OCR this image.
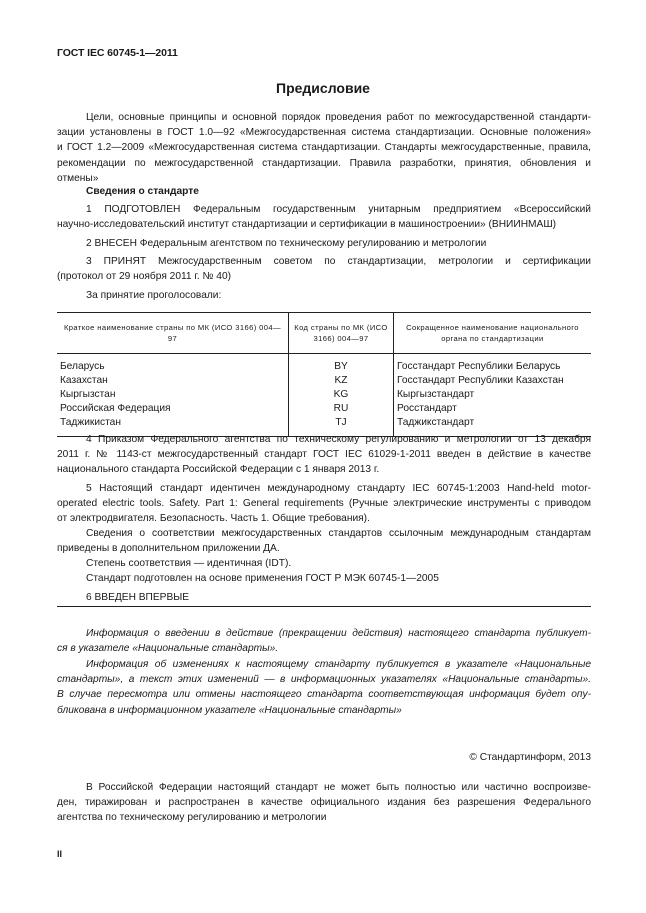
ГОСТ IEC 60745-1—2011
Предисловие
Цели, основные принципы и основной порядок проведения работ по межгосударственной стандарти-
зации установлены в ГОСТ 1.0—92 «Межгосударственная система стандартизации. Основные положения»
и ГОСТ 1.2—2009 «Межгосударственная система стандартизации. Стандарты межгосударственные, правила,
рекомендации по межгосударственной стандартизации. Правила разработки, принятия, обновления и
отмены»
Сведения о стандарте
1 ПОДГОТОВЛЕН Федеральным государственным унитарным предприятием «Всероссийский
научно-исследовательский институт стандартизации и сертификации в машиностроении» (ВНИИНМАШ)
2 ВНЕСЕН Федеральным агентством по техническому регулированию и метрологии
3 ПРИНЯТ Межгосударственным советом по стандартизации, метрологии и сертификации
(протокол от 29 ноября 2011 г. № 40)
За принятие проголосовали:
Краткое наименование страны по МК (ИСО 3166) 004—97	Код страны по МК (ИСО 3166) 004—97	Сокращенное наименование национального органа по стандартизации
Беларусь	BY	Госстандарт Республики Беларусь
Казахстан	KZ	Госстандарт Республики Казахстан
Кыргызстан	KG	Кыргызстандарт
Российская Федерация	RU	Росстандарт
Таджикистан	TJ	Таджикстандарт
4 Приказом Федерального агентства по техническому регулированию и метрологии от 13 декабря
2011 г. № 1143-ст межгосударственный стандарт ГОСТ IEC 61029-1-2011 введен в действие в качестве
национального стандарта Российской Федерации с 1 января 2013 г.
5 Настоящий стандарт идентичен международному стандарту IEC 60745-1:2003 Hand-held motor-
operated electric tools. Safety. Part 1: General requirements (Ручные электрические инструменты с приводом
от электродвигателя. Безопасность. Часть 1. Общие требования).
Сведения о соответствии межгосударственных стандартов ссылочным международным стандартам
приведены в дополнительном приложении ДА.
Степень соответствия — идентичная (IDT).
Стандарт подготовлен на основе применения ГОСТ Р МЭК 60745-1—2005
6 ВВЕДЕН ВПЕРВЫЕ
Информация о введении в действие (прекращении действия) настоящего стандарта публикует-
ся в указателе «Национальные стандарты».
Информация об изменениях к настоящему стандарту публикуется в указателе «Национальные
стандарты», а текст этих изменений — в информационных указателях «Национальные стандарты».
В случае пересмотра или отмены настоящего стандарта соответствующая информация будет опу-
бликована в информационном указателе «Национальные стандарты»
© Стандартинформ, 2013
В Российской Федерации настоящий стандарт не может быть полностью или частично воспроизве-
ден, тиражирован и распространен в качестве официального издания без разрешения Федерального
агентства по техническому регулированию и метрологии
II
